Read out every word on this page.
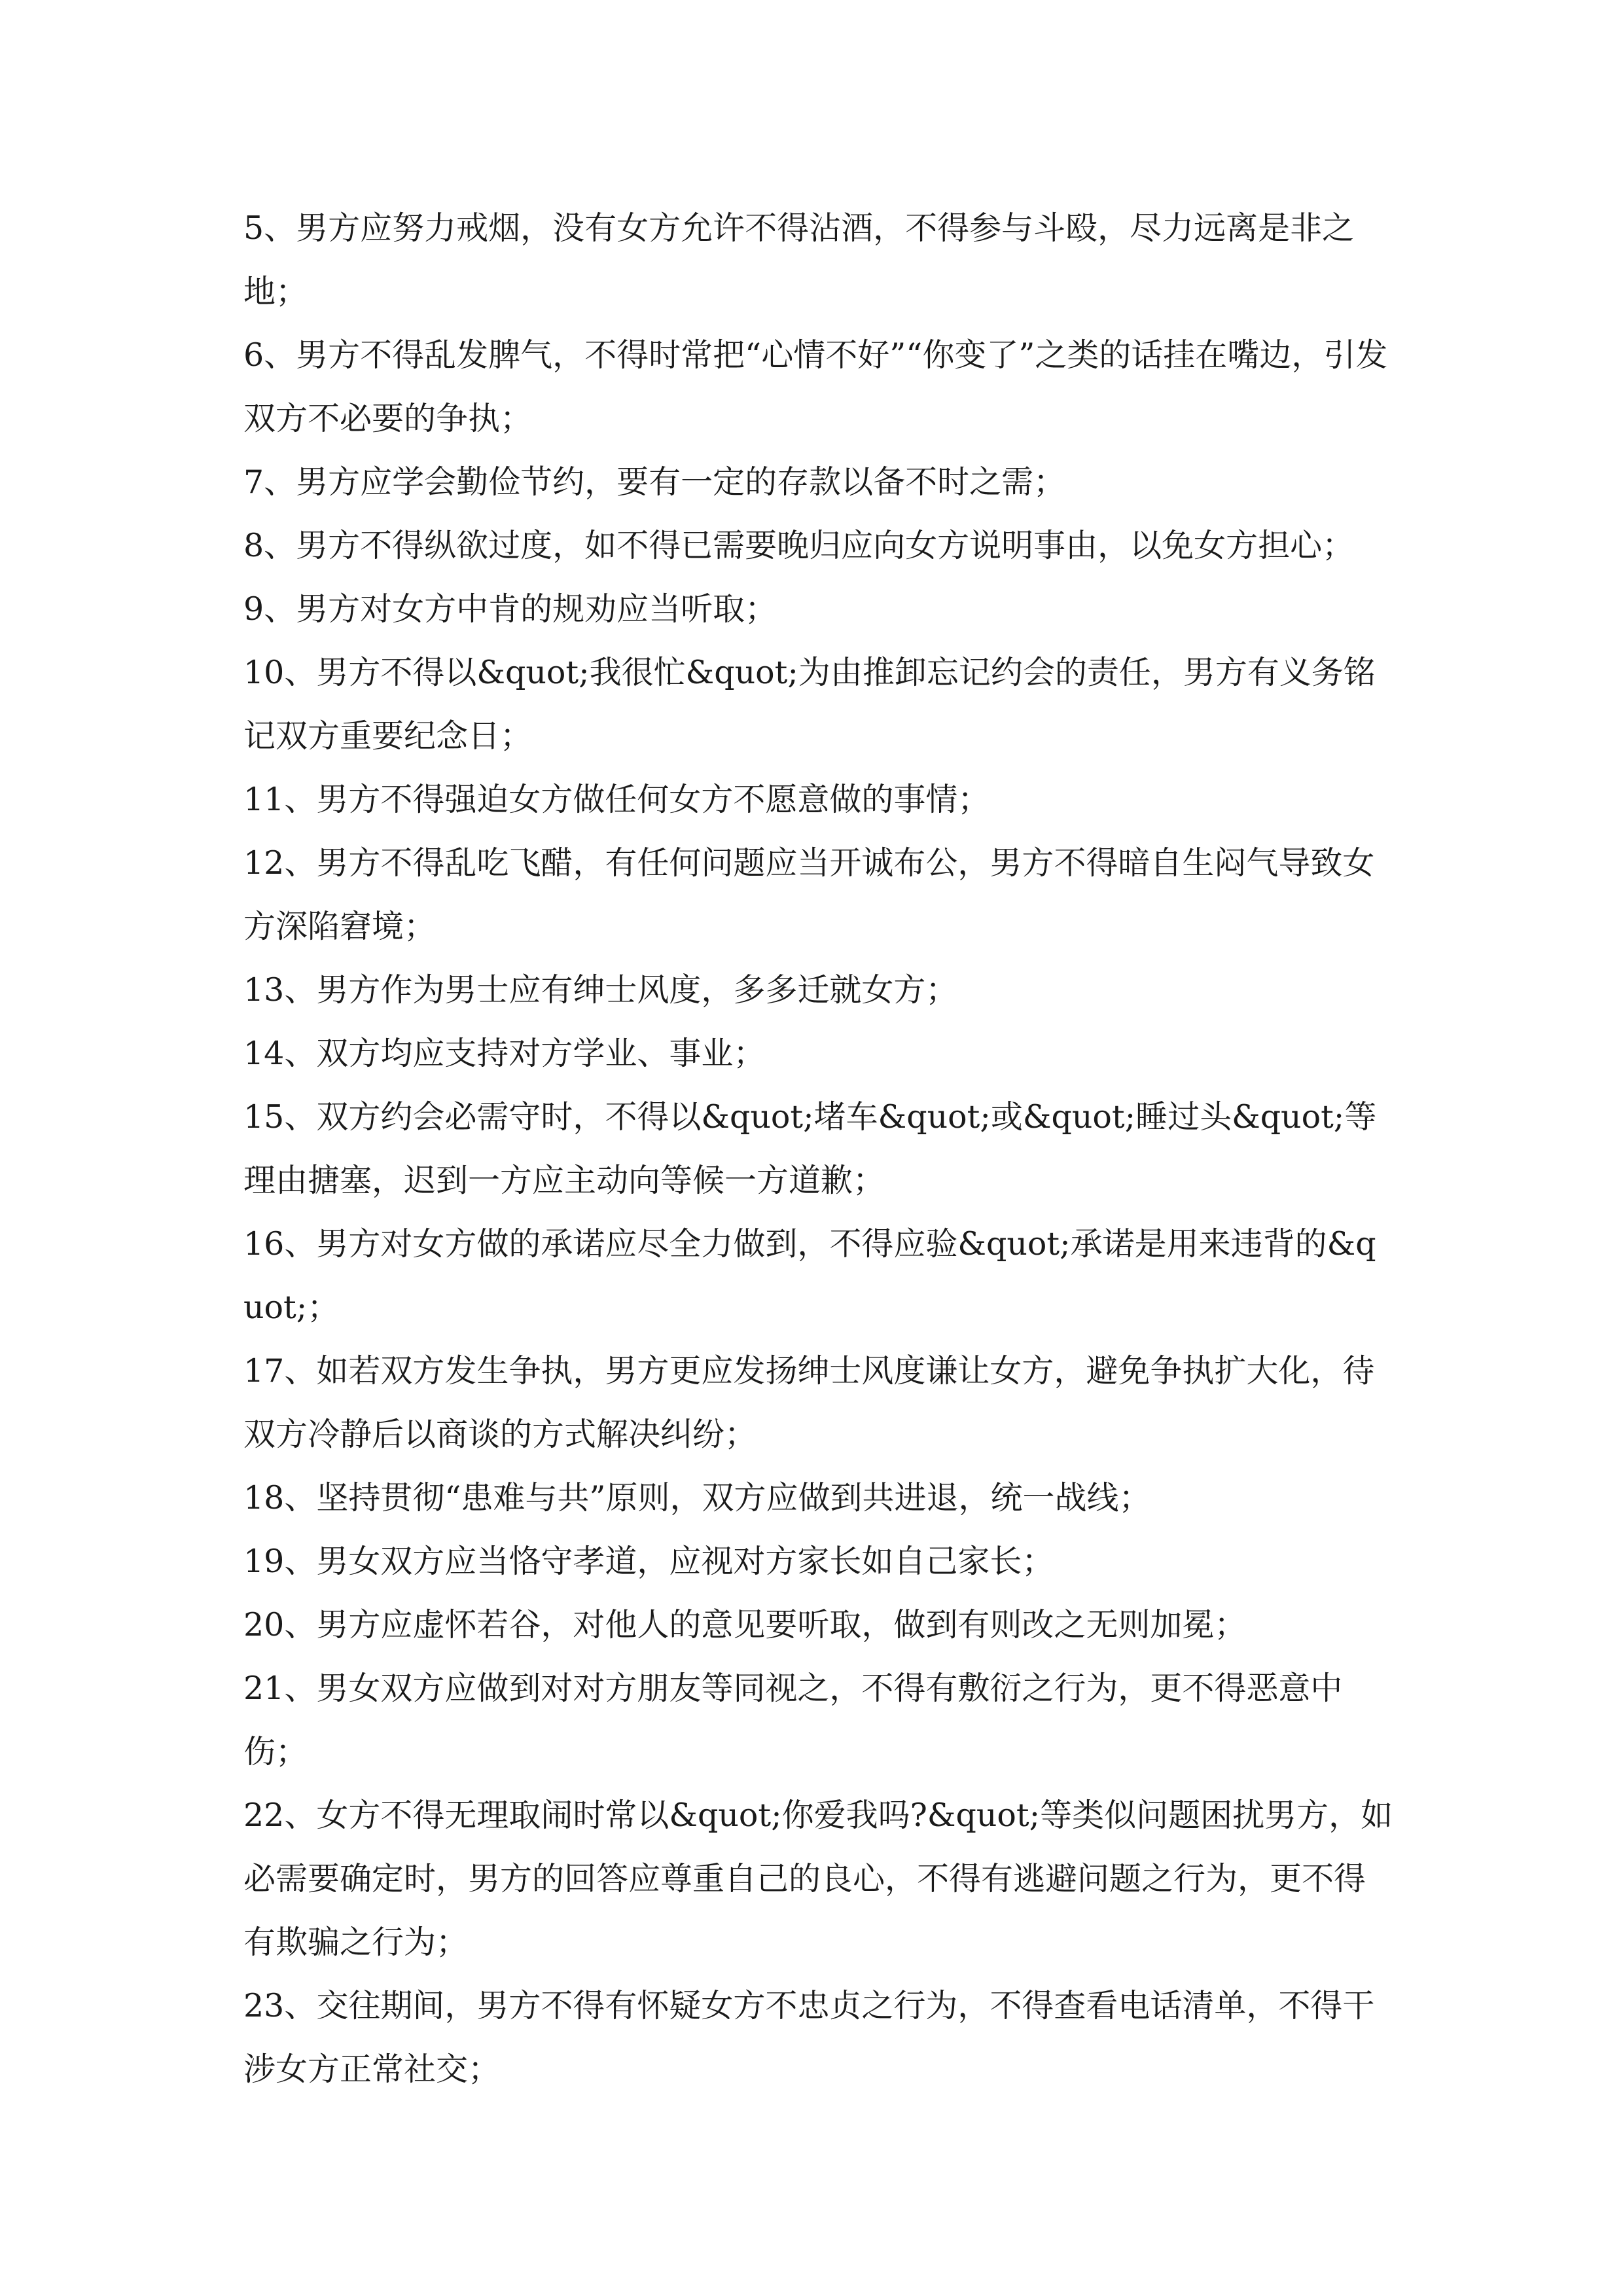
5、男方应努力戒烟，没有女方允许不得沾酒，不得参与斗殴，尽力远离是非之地；

6、男方不得乱发脾气，不得时常把“心情不好”“你变了”之类的话挂在嘴边，引发双方不必要的争执；

7、男方应学会勤俭节约，要有一定的存款以备不时之需；

8、男方不得纵欲过度，如不得已需要晚归应向女方说明事由，以免女方担心；

9、男方对女方中肯的规劝应当听取；

10、男方不得以&quot;我很忙&quot;为由推卸忘记约会的责任，男方有义务铭记双方重要纪念日；

11、男方不得强迫女方做任何女方不愿意做的事情；

12、男方不得乱吃飞醋，有任何问题应当开诚布公，男方不得暗自生闷气导致女方深陷窘境；

13、男方作为男士应有绅士风度，多多迁就女方；

14、双方均应支持对方学业、事业；

15、双方约会必需守时，不得以&quot;堵车&quot;或&quot;睡过头&quot;等理由搪塞，迟到一方应主动向等候一方道歉；

16、男方对女方做的承诺应尽全力做到，不得应验&quot;承诺是用来违背的&quot;；

17、如若双方发生争执，男方更应发扬绅士风度谦让女方，避免争执扩大化，待双方冷静后以商谈的方式解决纠纷；

18、坚持贯彻“患难与共”原则，双方应做到共进退，统一战线；

19、男女双方应当恪守孝道，应视对方家长如自己家长；

20、男方应虚怀若谷，对他人的意见要听取，做到有则改之无则加冕；

21、男女双方应做到对对方朋友等同视之，不得有敷衍之行为，更不得恶意中伤；

22、女方不得无理取闹时常以&quot;你爱我吗?&quot;等类似问题困扰男方，如必需要确定时，男方的回答应尊重自己的良心，不得有逃避问题之行为，更不得有欺骗之行为；

23、交往期间，男方不得有怀疑女方不忠贞之行为，不得查看电话清单，不得干涉女方正常社交；
